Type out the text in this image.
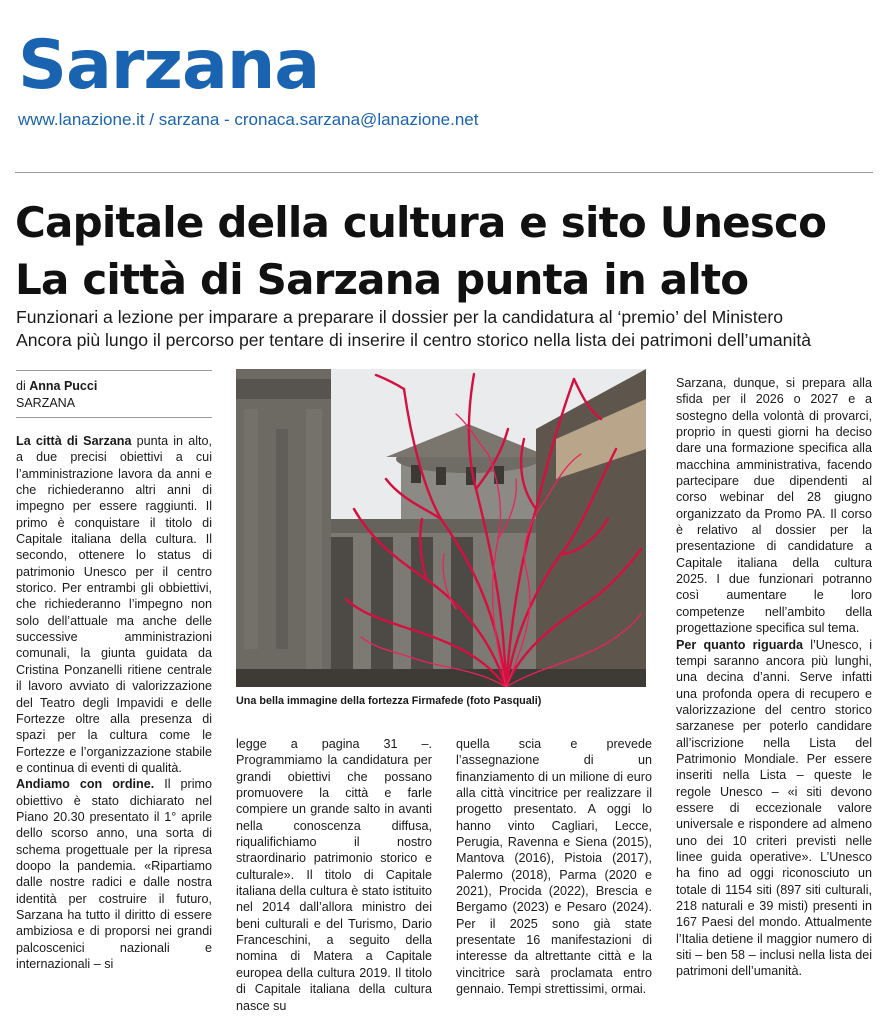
Sarzana
www.lanazione.it / sarzana - cronaca.sarzana@lanazione.net
Capitale della cultura e sito Unesco
La città di Sarzana punta in alto
Funzionari a lezione per imparare a preparare il dossier per la candidatura al ‘premio’ del Ministero
Ancora più lungo il percorso per tentare di inserire il centro storico nella lista dei patrimoni dell’umanità
di Anna Pucci
SARZANA

La città di Sarzana punta in alto, a due precisi obiettivi a cui l’amministrazione lavora da anni e che richiederanno altri anni di impegno per essere raggiunti. Il primo è conquistare il titolo di Capitale italiana della cultura. Il secondo, ottenere lo status di patrimonio Unesco per il centro storico. Per entrambi gli obbiettivi, che richiederanno l’impegno non solo dell’attuale ma anche delle successive amministrazioni comunali, la giunta guidata da Cristina Ponzanelli ritiene centrale il lavoro avviato di valorizzazione del Teatro degli Impavidi e delle Fortezze oltre alla presenza di spazi per la cultura come le Fortezze e l’organizzazione stabile e continua di eventi di qualità.

Andiamo con ordine. Il primo obiettivo è stato dichiarato nel Piano 20.30 presentato il 1° aprile dello scorso anno, una sorta di schema progettuale per la ripresa doopo la pandemia. «Ripartiamo dalle nostre radici e dalle nostra identità per costruire il futuro, Sarzana ha tutto il diritto di essere ambiziosa e di proporsi nei grandi palcoscenici nazionali e internazionali – si

Una bella immagine della fortezza Firmafede (foto Pasquali)

legge a pagina 31 –. Programmiamo la candidatura per grandi obiettivi che possano promuovere la città e farle compiere un grande salto in avanti nella conoscenza diffusa, riqualifichiamo il nostro straordinario patrimonio storico e culturale». Il titolo di Capitale italiana della cultura è stato istituito nel 2014 dall’allora ministro dei beni culturali e del Turismo, Dario Franceschini, a seguito della nomina di Matera a Capitale europea della cultura 2019. Il titolo di Capitale italiana della cultura nasce su

quella scia e prevede l’assegnazione di un finanziamento di un milione di euro alla città vincitrice per realizzare il progetto presentato. A oggi lo hanno vinto Cagliari, Lecce, Perugia, Ravenna e Siena (2015), Mantova (2016), Pistoia (2017), Palermo (2018), Parma (2020 e 2021), Procida (2022), Brescia e Bergamo (2023) e Pesaro (2024). Per il 2025 sono già state presentate 16 manifestazioni di interesse da altrettante città e la vincitrice sarà proclamata entro gennaio. Tempi strettissimi, ormai.

Sarzana, dunque, si prepara alla sfida per il 2026 o 2027 e a sostegno della volontà di provarci, proprio in questi giorni ha deciso dare una formazione specifica alla macchina amministrativa, facendo partecipare due dipendenti al corso webinar del 28 giugno organizzato da Promo PA. Il corso è relativo al dossier per la presentazione di candidature a Capitale italiana della cultura 2025. I due funzionari potranno così aumentare le loro competenze nell’ambito della progettazione specifica sul tema.

Per quanto riguarda l’Unesco, i tempi saranno ancora più lunghi, una decina d’anni. Serve infatti una profonda opera di recupero e valorizzazione del centro storico sarzanese per poterlo candidare all’iscrizione nella Lista del Patrimonio Mondiale. Per essere inseriti nella Lista – queste le regole Unesco – «i siti devono essere di eccezionale valore universale e rispondere ad almeno uno dei 10 criteri previsti nelle linee guida operative». L’Unesco ha fino ad oggi riconosciuto un totale di 1154 siti (897 siti culturali, 218 naturali e 39 misti) presenti in 167 Paesi del mondo. Attualmente l’Italia detiene il maggior numero di siti – ben 58 – inclusi nella lista dei patrimoni dell’umanità.
